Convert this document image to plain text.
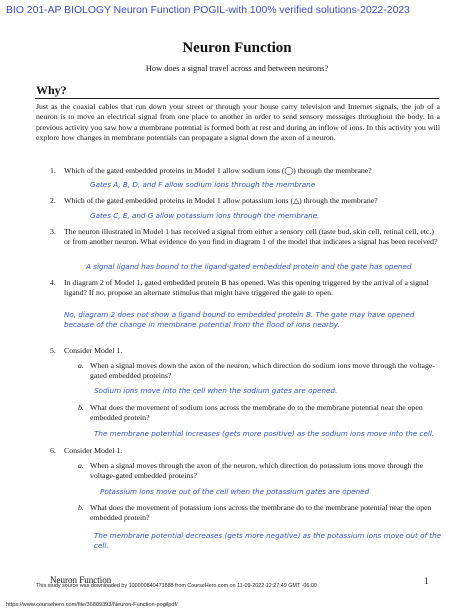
BIO 201-AP BIOLOGY Neuron Function POGIL-with 100% verified solutions-2022-2023
Neuron Function
How does a signal travel across and between neurons?
Why?
Just as the coaxial cables that run down your street or through your house carry television and Internet signals, the job of a neuron is to move an electrical signal from one place to another in order to send sensory messages throughout the body. In a previous activity you saw how a membrane potential is formed both at rest and during an inflow of ions. In this activity you will explore how changes in membrane potentials can propagate a signal down the axon of a neuron.
1. Which of the gated embedded proteins in Model 1 allow sodium ions (◯) through the membrane?
Gates A, B, D, and F allow sodium ions through the membrane
2. Which of the gated embedded proteins in Model 1 allow potassium ions (△) through the membrane?
Gates C, E, and G allow potassium ions through the membrane.
3. The neuron illustrated in Model 1 has received a signal from either a sensory cell (taste bud, skin cell, retinal cell, etc.) or from another neuron. What evidence do you find in diagram 1 of the model that indicates a signal has been received?
A signal ligand has bound to the ligand-gated embedded protein and the gate has opened
4. In diagram 2 of Model 1, gated embedded protein B has opened. Was this opening triggered by the arrival of a signal ligand? If no, propose an alternate stimulus that might have triggered the gate to open.
No, diagram 2 does not show a ligand bound to embedded protein B. The gate may have opened because of the change in membrane potential from the flood of ions nearby.
5. Consider Model 1.
a. When a signal moves down the axon of the neuron, which direction do sodium ions move through the voltage-gated embedded proteins?
Sodium ions move into the cell when the sodium gates are opened.
b. What does the movement of sodium ions across the membrane do to the membrane potential near the open embedded protein?
The membrane potential increases (gets more positive) as the sodium ions move into the cell.
6. Consider Model 1.
a. When a signal moves through the axon of the neuron, which direction do potassium ions move through the voltage-gated embedded proteins?
Potassium ions move out of the cell when the potassium gates are opened
b. What does the movement of potassium ions across the membrane do to the membrane potential near the open embedded protein?
The membrane potential decreases (gets more negative) as the potassium ions move out of the cell.
Neuron Function	1
This study source was downloaded by 100000840471888 from CourseHero.com on 11-09-2022 12:27:49 GMT -06:00
https://www.coursehero.com/file/36809393/Neuron-Function-pogilpdf/
